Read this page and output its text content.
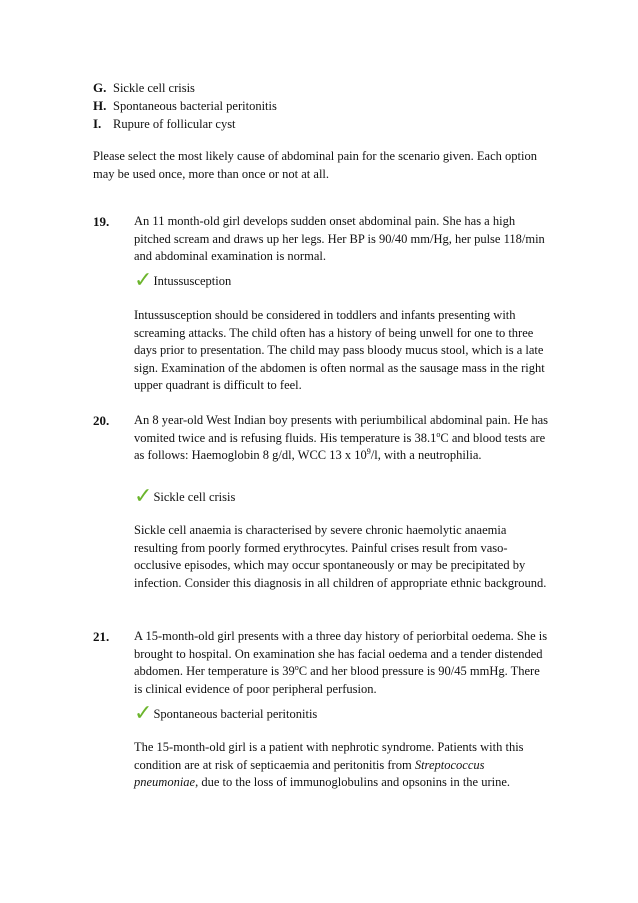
G. Sickle cell crisis
H. Spontaneous bacterial peritonitis
I. Rupure of follicular cyst
Please select the most likely cause of abdominal pain for the scenario given. Each option may be used once, more than once or not at all.
19. An 11 month-old girl develops sudden onset abdominal pain. She has a high pitched scream and draws up her legs. Her BP is 90/40 mm/Hg, her pulse 118/min and abdominal examination is normal.
✓Intussusception
Intussusception should be considered in toddlers and infants presenting with screaming attacks. The child often has a history of being unwell for one to three days prior to presentation. The child may pass bloody mucus stool, which is a late sign. Examination of the abdomen is often normal as the sausage mass in the right upper quadrant is difficult to feel.
20. An 8 year-old West Indian boy presents with periumbilical abdominal pain. He has vomited twice and is refusing fluids. His temperature is 38.1$^o$C and blood tests are as follows: Haemoglobin 8 g/dl, WCC 13 x $10^9/l$, with a neutrophilia.
✓Sickle cell crisis
Sickle cell anaemia is characterised by severe chronic haemolytic anaemia resulting from poorly formed erythrocytes. Painful crises result from vaso-occlusive episodes, which may occur spontaneously or may be precipitated by infection. Consider this diagnosis in all children of appropriate ethnic background.
21. A 15-month-old girl presents with a three day history of periorbital oedema. She is brought to hospital. On examination she has facial oedema and a tender distended abdomen. Her temperature is 39$^o$C and her blood pressure is 90/45 mmHg. There is clinical evidence of poor peripheral perfusion.
✓Spontaneous bacterial peritonitis
The 15-month-old girl is a patient with nephrotic syndrome. Patients with this condition are at risk of septicaemia and peritonitis from Streptococcus pneumoniae, due to the loss of immunoglobulins and opsonins in the urine.
